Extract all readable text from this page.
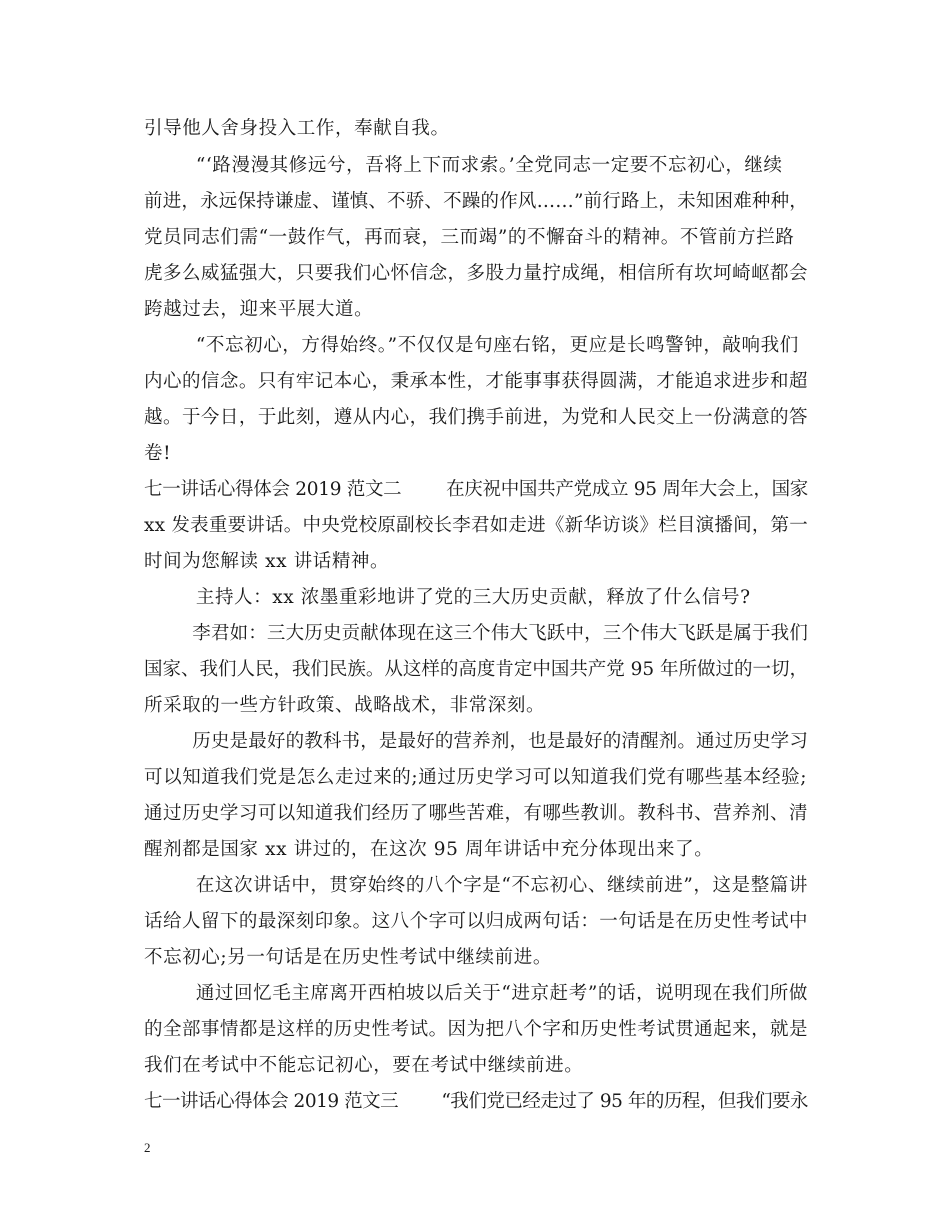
引导他人舍身投入工作，奉献自我。
“‘路漫漫其修远兮，吾将上下而求索。’全党同志一定要不忘初心，继续
前进，永远保持谦虚、谨慎、不骄、不躁的作风……”前行路上，未知困难种种，
党员同志们需“一鼓作气，再而衰，三而竭”的不懈奋斗的精神。不管前方拦路
虎多么威猛强大，只要我们心怀信念，多股力量拧成绳，相信所有坎坷崎岖都会
跨越过去，迎来平展大道。
“不忘初心，方得始终。”不仅仅是句座右铭，更应是长鸣警钟，敲响我们
内心的信念。只有牢记本心，秉承本性，才能事事获得圆满，才能追求进步和超
越。于今日，于此刻，遵从内心，我们携手前进，为党和人民交上一份满意的答
卷!
七一讲话心得体会 2019 范文二        在庆祝中国共产党成立 95 周年大会上，国家
xx 发表重要讲话。中央党校原副校长李君如走进《新华访谈》栏目演播间，第一
时间为您解读 xx 讲话精神。
主持人：xx 浓墨重彩地讲了党的三大历史贡献，释放了什么信号?
李君如：三大历史贡献体现在这三个伟大飞跃中，三个伟大飞跃是属于我们
国家、我们人民，我们民族。从这样的高度肯定中国共产党 95 年所做过的一切，
所采取的一些方针政策、战略战术，非常深刻。
历史是最好的教科书，是最好的营养剂，也是最好的清醒剂。通过历史学习
可以知道我们党是怎么走过来的;通过历史学习可以知道我们党有哪些基本经验;
通过历史学习可以知道我们经历了哪些苦难，有哪些教训。教科书、营养剂、清
醒剂都是国家 xx 讲过的，在这次 95 周年讲话中充分体现出来了。
在这次讲话中，贯穿始终的八个字是“不忘初心、继续前进”，这是整篇讲
话给人留下的最深刻印象。这八个字可以归成两句话：一句话是在历史性考试中
不忘初心;另一句话是在历史性考试中继续前进。
通过回忆毛主席离开西柏坡以后关于“进京赶考”的话，说明现在我们所做
的全部事情都是这样的历史性考试。因为把八个字和历史性考试贯通起来，就是
我们在考试中不能忘记初心，要在考试中继续前进。
七一讲话心得体会 2019 范文三        “我们党已经走过了 95 年的历程，但我们要永
2
